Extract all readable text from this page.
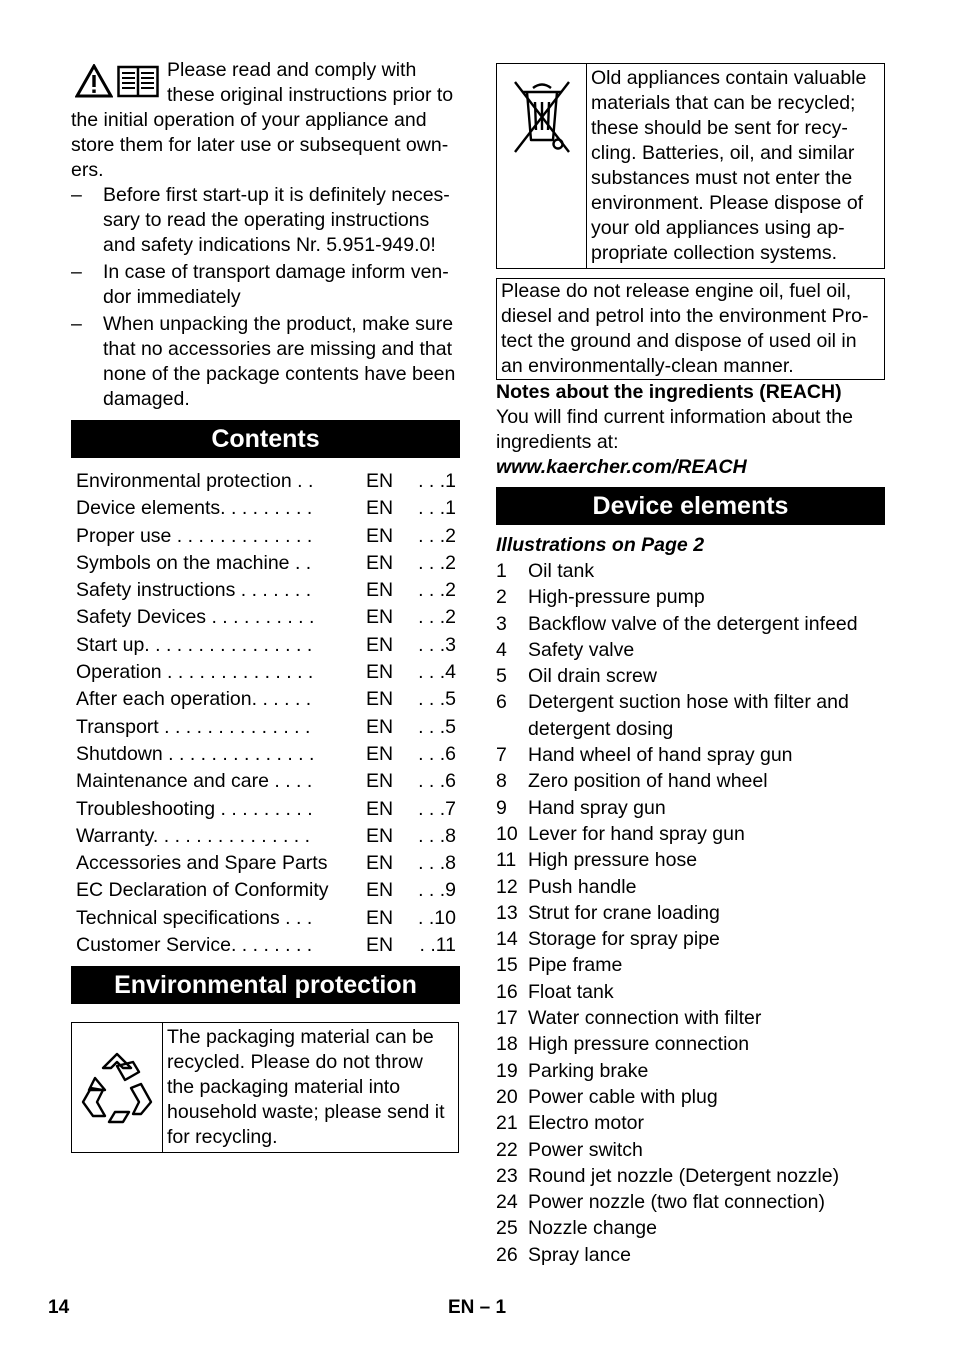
Please read and comply with these original instructions prior to the initial operation of your appliance and store them for later use or subsequent own-ers.

–	Before first start-up it is definitely neces-sary to read the operating instructions and safety indications Nr. 5.951-949.0!
–	In case of transport damage inform ven-dor immediately
–	When unpacking the product, make sure that no accessories are missing and that none of the package contents have been damaged.
Contents
Environmental protection . .	EN	. . .1
Device elements. . . . . . . . .	EN	. . .1
Proper use . . . . . . . . . . . . .	EN	. . .2
Symbols on the machine . .	EN	. . .2
Safety instructions . . . . . . .	EN	. . .2
Safety Devices . . . . . . . . . .	EN	. . .2
Start up. . . . . . . . . . . . . . . .	EN	. . .3
Operation . . . . . . . . . . . . . .	EN	. . .4
After each operation. . . . . .	EN	. . .5
Transport . . . . . . . . . . . . . .	EN	. . .5
Shutdown . . . . . . . . . . . . . .	EN	. . .6
Maintenance and care . . . .	EN	. . .6
Troubleshooting . . . . . . . . .	EN	. . .7
Warranty. . . . . . . . . . . . . . .	EN	. . .8
Accessories and Spare Parts	EN	. . .8
EC Declaration of Conformity	EN	. . .9
Technical specifications . . .	EN	. .10
Customer Service. . . . . . . .	EN	. .11
Environmental protection
The packaging material can be recycled. Please do not throw the packaging material into household waste; please send it for recycling.
Old appliances contain valuable materials that can be recycled; these should be sent for recy-cling. Batteries, oil, and similar substances must not enter the environment. Please dispose of your old appliances using ap-propriate collection systems.
Please do not release engine oil, fuel oil, diesel and petrol into the environment Pro-tect the ground and dispose of used oil in an environmentally-clean manner.

Notes about the ingredients (REACH)

You will find current information about the ingredients at:

www.kaercher.com/REACH

Device elements

Illustrations on Page 2

1	Oil tank
2	High-pressure pump
3	Backflow valve of the detergent infeed
4	Safety valve
5	Oil drain screw
6	Detergent suction hose with filter and detergent dosing
7	Hand wheel of hand spray gun
8	Zero position of hand wheel
9	Hand spray gun
10 Lever for hand spray gun
11 High pressure hose
12 Push handle
13 Strut for crane loading
14 Storage for spray pipe
15 Pipe frame
16 Float tank
17 Water connection with filter
18 High pressure connection
19 Parking brake
20 Power cable with plug
21 Electro motor
22 Power switch
23 Round jet nozzle (Detergent nozzle)
24 Power nozzle (two flat connection)
25 Nozzle change
26 Spray lance
14	EN – 1
